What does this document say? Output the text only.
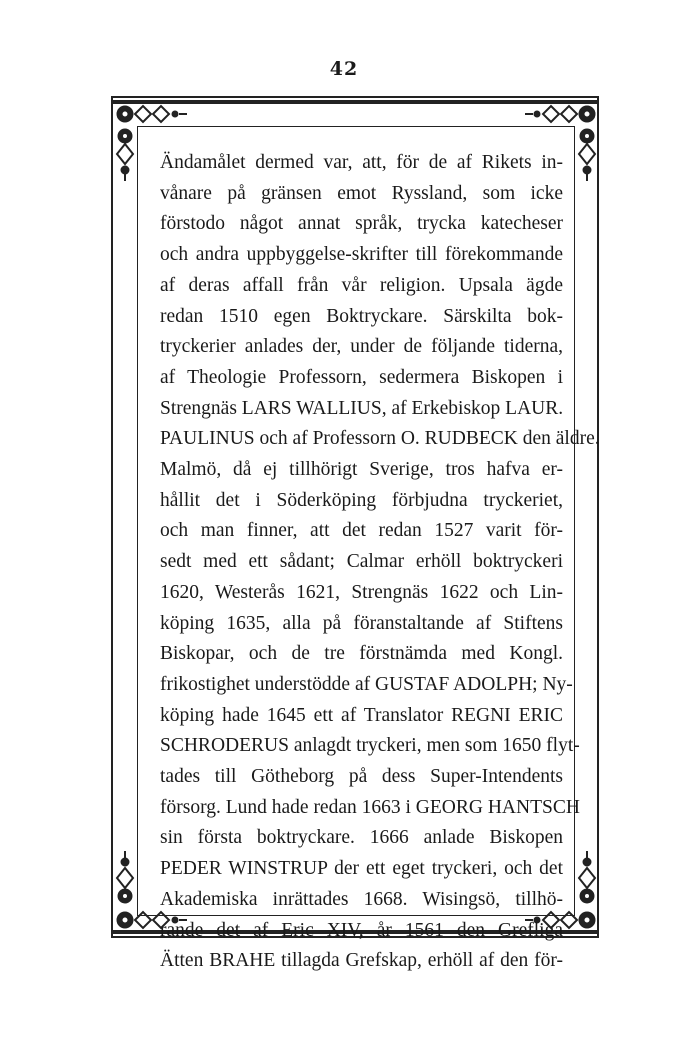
42
Ändamålet dermed var, att, för de af Rikets in-
vånare på gränsen emot Ryssland, som icke
förstodo något annat språk, trycka katecheser
och andra uppbyggelse-skrifter till förekommande
af deras affall från vår religion. Upsala ägde
redan 1510 egen Boktryckare. Särskilta bok-
tryckerier anlades der, under de följande tiderna,
af Theologie Professorn, sedermera Biskopen i
Strengnäs LARS WALLIUS, af Erkebiskop LAUR.
PAULINUS och af Professorn O. RUDBECK den äldre.
Malmö, då ej tillhörigt Sverige, tros hafva er-
hållit det i Söderköping förbjudna tryckeriet,
och man finner, att det redan 1527 varit för-
sedt med ett sådant; Calmar erhöll boktryckeri
1620, Westerås 1621, Strengnäs 1622 och Lin-
köping 1635, alla på föranstaltande af Stiftens
Biskopar, och de tre förstnämda med Kongl.
frikostighet understödde af GUSTAF ADOLPH; Ny-
köping hade 1645 ett af Translator REGNI ERIC
SCHRODERUS anlagdt tryckeri, men som 1650 flyt-
tades till Götheborg på dess Super-Intendents
försorg. Lund hade redan 1663 i GEORG HANTSCH
sin första boktryckare. 1666 anlade Biskopen
PEDER WINSTRUP der ett eget tryckeri, och det
Akademiska inrättades 1668. Wisingsö, tillhö-
rande det af Eric XIV, år 1561 den Grefliga
Ätten BRAHE tillagda Grefskap, erhöll af den för-
